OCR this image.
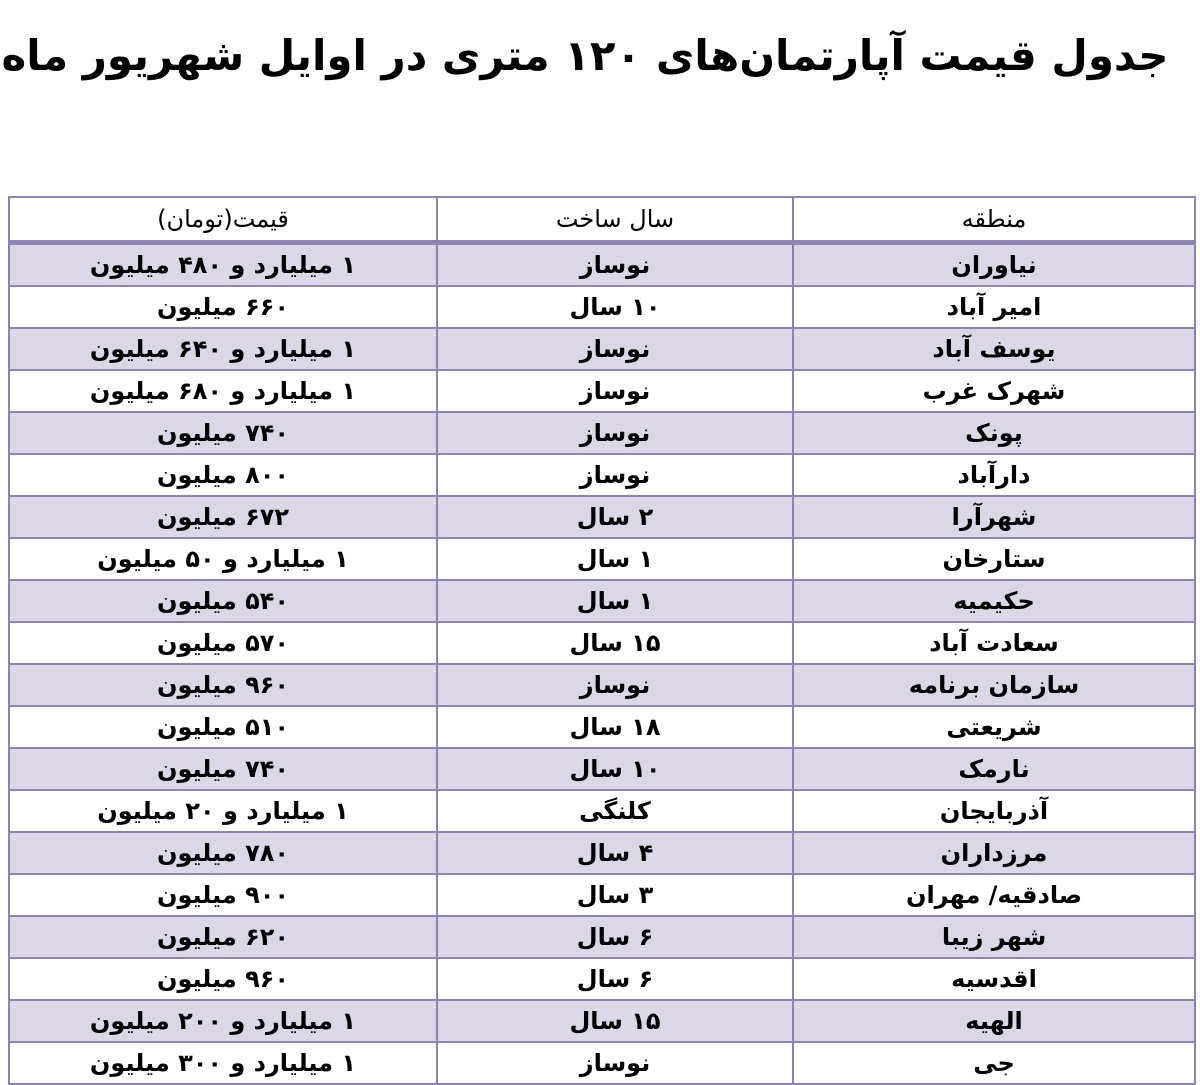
جدول قیمت آپارتمان‌های ۱۲۰ متری در اوایل شهریور ماه
منطقه	سال ساخت	قیمت(تومان)
نیاوران	نوساز	۱ میلیارد و ۴۸۰ میلیون
امیر آباد	۱۰ سال	۶۶۰ میلیون
یوسف آباد	نوساز	۱ میلیارد و ۶۴۰ میلیون
شهرک غرب	نوساز	۱ میلیارد و ۶۸۰ میلیون
پونک	نوساز	۷۴۰ میلیون
دارآباد	نوساز	۸۰۰ میلیون
شهرآرا	۲ سال	۶۷۲ میلیون
ستارخان	۱ سال	۱ میلیارد و ۵۰ میلیون
حکیمیه	۱ سال	۵۴۰ میلیون
سعادت آباد	۱۵ سال	۵۷۰ میلیون
سازمان برنامه	نوساز	۹۶۰ میلیون
شریعتی	۱۸ سال	۵۱۰ میلیون
نارمک	۱۰ سال	۷۴۰ میلیون
آذربایجان	کلنگی	۱ میلیارد و ۲۰ میلیون
مرزداران	۴ سال	۷۸۰ میلیون
صادقیه/ مهران	۳ سال	۹۰۰ میلیون
شهر زیبا	۶ سال	۶۲۰ میلیون
اقدسیه	۶ سال	۹۶۰ میلیون
الهیه	۱۵ سال	۱ میلیارد و ۲۰۰ میلیون
جی	نوساز	۱ میلیارد و ۳۰۰ میلیون
